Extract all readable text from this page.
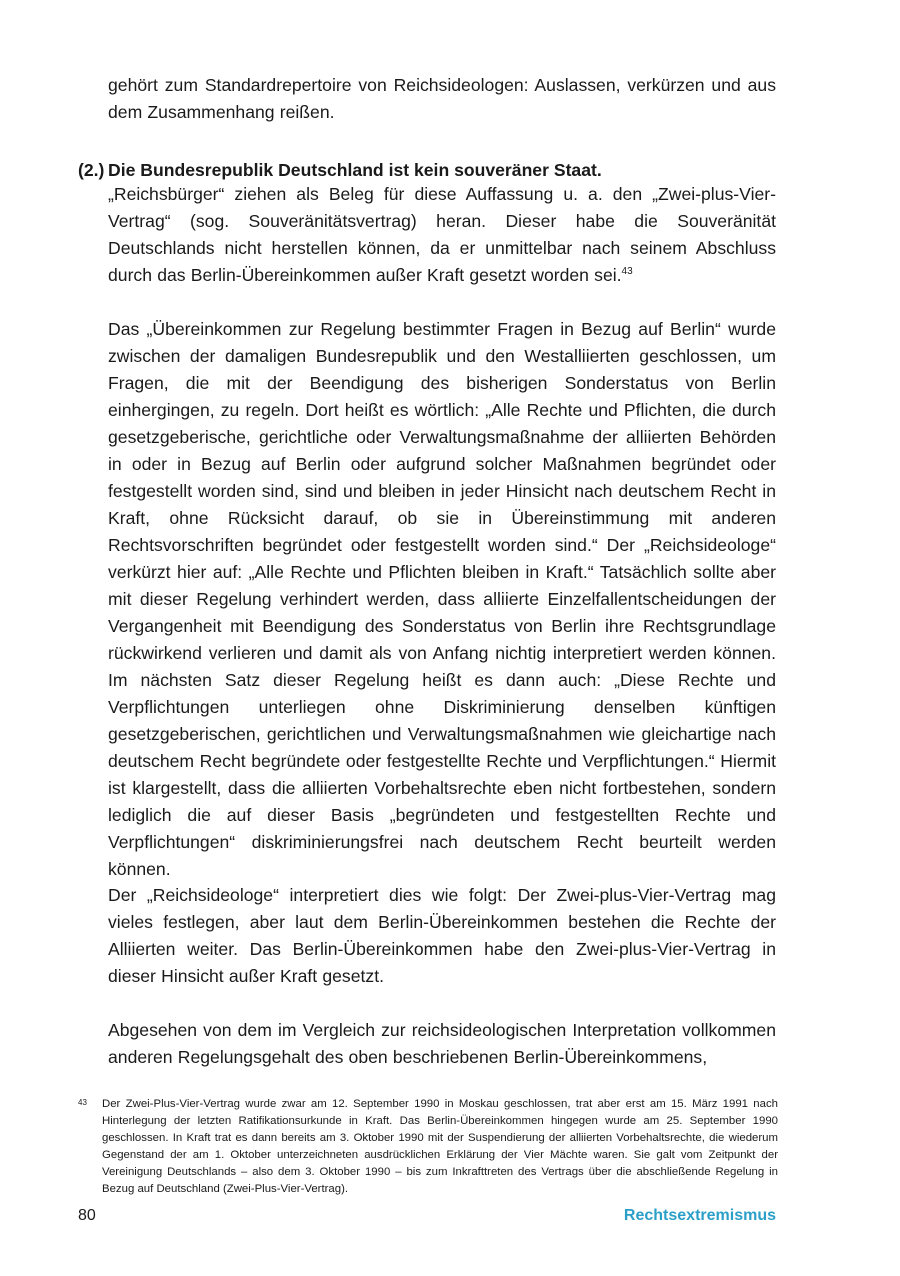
gehört zum Standardrepertoire von Reichsideologen: Auslassen, verkürzen und aus dem Zusammenhang reißen.

(2.) Die Bundesrepublik Deutschland ist kein souveräner Staat.

„Reichsbürger“ ziehen als Beleg für diese Auffassung u. a. den „Zwei-plus-Vier-Vertrag“ (sog. Souveränitätsvertrag) heran. Dieser habe die Souveränität Deutschlands nicht herstellen können, da er unmittelbar nach seinem Abschluss durch das Berlin-Übereinkommen außer Kraft gesetzt worden sei.$^{43}$

Das „Übereinkommen zur Regelung bestimmter Fragen in Bezug auf Berlin“ wurde zwischen der damaligen Bundesrepublik und den Westalliierten geschlossen, um Fragen, die mit der Beendigung des bisherigen Sonderstatus von Berlin einhergingen, zu regeln. Dort heißt es wörtlich: „Alle Rechte und Pflichten, die durch gesetzgeberische, gerichtliche oder Verwaltungsmaßnahme der alliierten Behörden in oder in Bezug auf Berlin oder aufgrund solcher Maßnahmen begründet oder festgestellt worden sind, sind und bleiben in jeder Hinsicht nach deutschem Recht in Kraft, ohne Rücksicht darauf, ob sie in Übereinstimmung mit anderen Rechtsvorschriften begründet oder festgestellt worden sind.“ Der „Reichsideologe“ verkürzt hier auf: „Alle Rechte und Pflichten bleiben in Kraft.“ Tatsächlich sollte aber mit dieser Regelung verhindert werden, dass alliierte Einzelfallentscheidungen der Vergangenheit mit Beendigung des Sonderstatus von Berlin ihre Rechtsgrundlage rückwirkend verlieren und damit als von Anfang nichtig interpretiert werden können. Im nächsten Satz dieser Regelung heißt es dann auch: „Diese Rechte und Verpflichtungen unterliegen ohne Diskriminierung denselben künftigen gesetzgeberischen, gerichtlichen und Verwaltungsmaßnahmen wie gleichartige nach deutschem Recht begründete oder festgestellte Rechte und Verpflichtungen.“ Hiermit ist klargestellt, dass die alliierten Vorbehaltsrechte eben nicht fortbestehen, sondern lediglich die auf dieser Basis „begründeten und festgestellten Rechte und Verpflichtungen“ diskriminierungsfrei nach deutschem Recht beurteilt werden können.

Der „Reichsideologe“ interpretiert dies wie folgt: Der Zwei-plus-Vier-Vertrag mag vieles festlegen, aber laut dem Berlin-Übereinkommen bestehen die Rechte der Alliierten weiter. Das Berlin-Übereinkommen habe den Zwei-plus-Vier-Vertrag in dieser Hinsicht außer Kraft gesetzt.

Abgesehen von dem im Vergleich zur reichsideologischen Interpretation vollkommen anderen Regelungsgehalt des oben beschriebenen Berlin-Übereinkommens,

43 Der Zwei-Plus-Vier-Vertrag wurde zwar am 12. September 1990 in Moskau geschlossen, trat aber erst am 15. März 1991 nach Hinterlegung der letzten Ratifikationsurkunde in Kraft. Das Berlin-Übereinkommen hingegen wurde am 25. September 1990 geschlossen. In Kraft trat es dann bereits am 3. Oktober 1990 mit der Suspendierung der alliierten Vorbehaltsrechte, die wiederum Gegenstand der am 1. Oktober unterzeichneten ausdrücklichen Erklärung der Vier Mächte waren. Sie galt vom Zeitpunkt der Vereinigung Deutschlands – also dem 3. Oktober 1990 – bis zum Inkrafttreten des Vertrags über die abschließende Regelung in Bezug auf Deutschland (Zwei-Plus-Vier-Vertrag).

80	Rechtsextremismus
